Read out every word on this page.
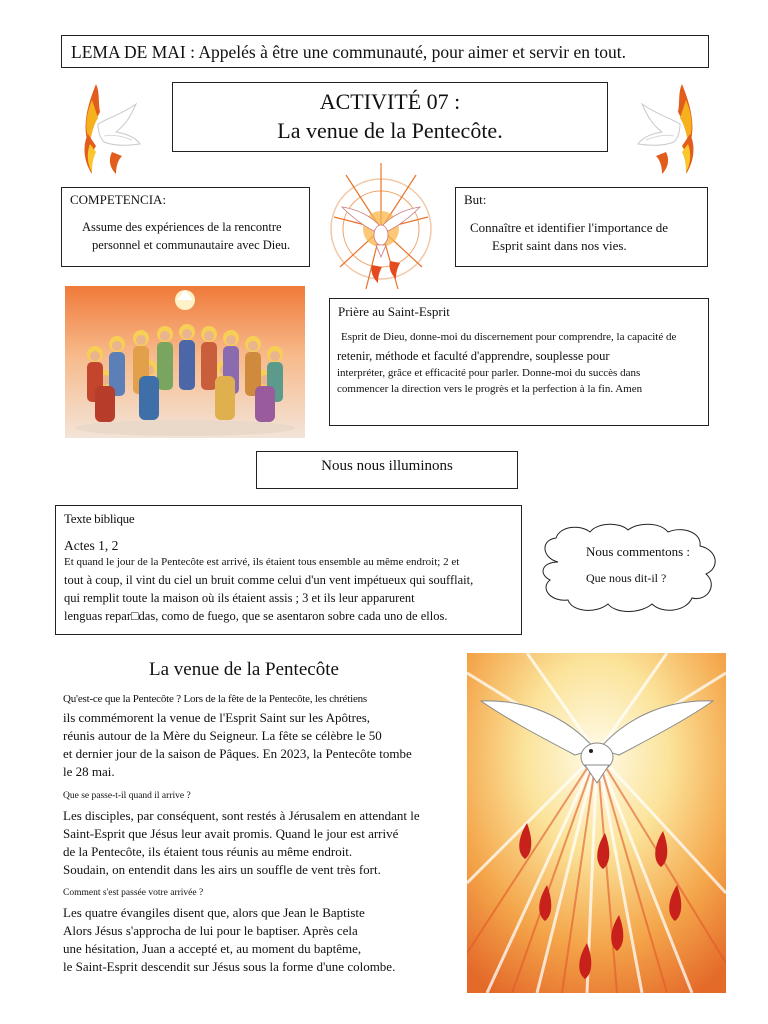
LEMA DE MAI : Appelés à être une communauté, pour aimer et servir en tout.
ACTIVITÉ 07 :
La venue de la Pentecôte.
COMPETENCIA:
Assume des expériences de la rencontre
personnel et communautaire avec Dieu.
But:
Connaître et identifier l'importance de
Esprit saint dans nos vies.
Prière au Saint-Esprit
Esprit de Dieu, donne-moi du discernement pour comprendre, la capacité de
retenir, méthode et faculté d'apprendre, souplesse pour
interpréter, grâce et efficacité pour parler. Donne-moi du succès dans
commencer la direction vers le progrès et la perfection à la fin. Amen
Nous nous illuminons
Texte biblique
Actes 1, 2
Et quand le jour de la Pentecôte est arrivé, ils étaient tous ensemble au même endroit; 2 et
tout à coup, il vint du ciel un bruit comme celui d'un vent impétueux qui soufflait,
qui remplit toute la maison où ils étaient assis ; 3 et ils leur apparurent
lenguas repar□das, como de fuego, que se asentaron sobre cada uno de ellos.
Nous commentons :
Que nous dit-il ?
La venue de la Pentecôte
Qu'est-ce que la Pentecôte ? Lors de la fête de la Pentecôte, les chrétiens
ils commémorent la venue de l'Esprit Saint sur les Apôtres,
réunis autour de la Mère du Seigneur. La fête se célèbre le 50
et dernier jour de la saison de Pâques. En 2023, la Pentecôte tombe
le 28 mai.
Que se passe-t-il quand il arrive ?
Les disciples, par conséquent, sont restés à Jérusalem en attendant le
Saint-Esprit que Jésus leur avait promis. Quand le jour est arrivé
de la Pentecôte, ils étaient tous réunis au même endroit.
Soudain, on entendit dans les airs un souffle de vent très fort.
Comment s'est passée votre arrivée ?
Les quatre évangiles disent que, alors que Jean le Baptiste
Alors Jésus s'approcha de lui pour le baptiser. Après cela
une hésitation, Juan a accepté et, au moment du baptême,
le Saint-Esprit descendit sur Jésus sous la forme d'une colombe.
